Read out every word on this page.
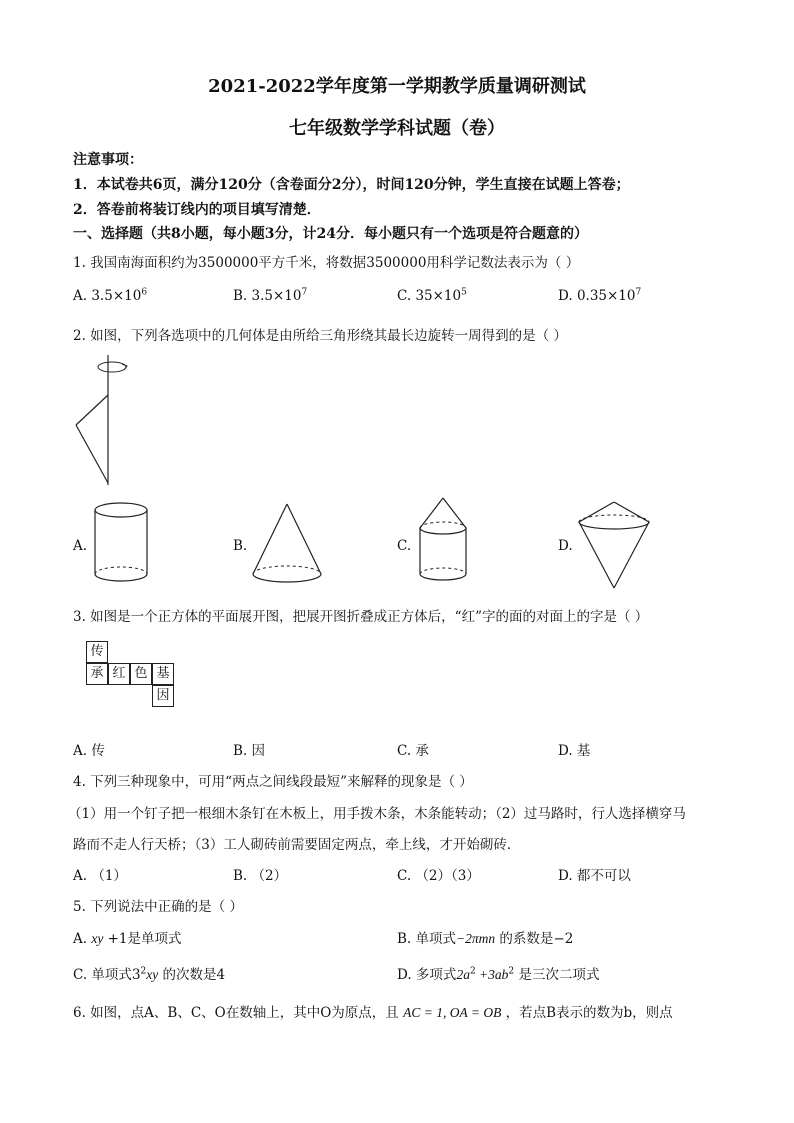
2021-2022学年度第一学期教学质量调研测试
七年级数学学科试题（卷）
注意事项：
1．本试卷共6页，满分120分（含卷面分2分），时间120分钟，学生直接在试题上答卷；
2．答卷前将装订线内的项目填写清楚．
一、选择题（共8小题，每小题3分，计24分．每小题只有一个选项是符合题意的）
1. 我国南海面积约为3500000平方千米，将数据3500000用科学记数法表示为（ ）
A. $3.5\times 10^6$	B. $3.5\times 10^7$	C. $35\times 10^5$	D. $0.35\times 10^7$
2. 如图，下列各选项中的几何体是由所给三角形绕其最长边旋转一周得到的是（ ）
A.	B.	C.	D.
3. 如图是一个正方体的平面展开图，把展开图折叠成正方体后，“红”字的面的对面上的字是（ ）
传
承 红 色 基
因
A. 传	B. 因	C. 承	D. 基
4. 下列三种现象中，可用“两点之间线段最短”来解释的现象是（ ）
（1）用一个钉子把一根细木条钉在木板上，用手拨木条，木条能转动；（2）过马路时，行人选择横穿马
路而不走人行天桥；（3）工人砌砖前需要固定两点，牵上线，才开始砌砖．
A. （1）	B. （2）	C. （2）（3）	D. 都不可以
5. 下列说法中正确的是（ ）
A. xy +1是单项式	B. 单项式−2πmn 的系数是−2
C. 单项式$3^2xy$ 的次数是4	D. 多项式$2a^2 +3ab^2$ 是三次二项式
6. 如图，点A、B、C、O在数轴上，其中O为原点，且 AC = 1, OA = OB ，若点B表示的数为b，则点
